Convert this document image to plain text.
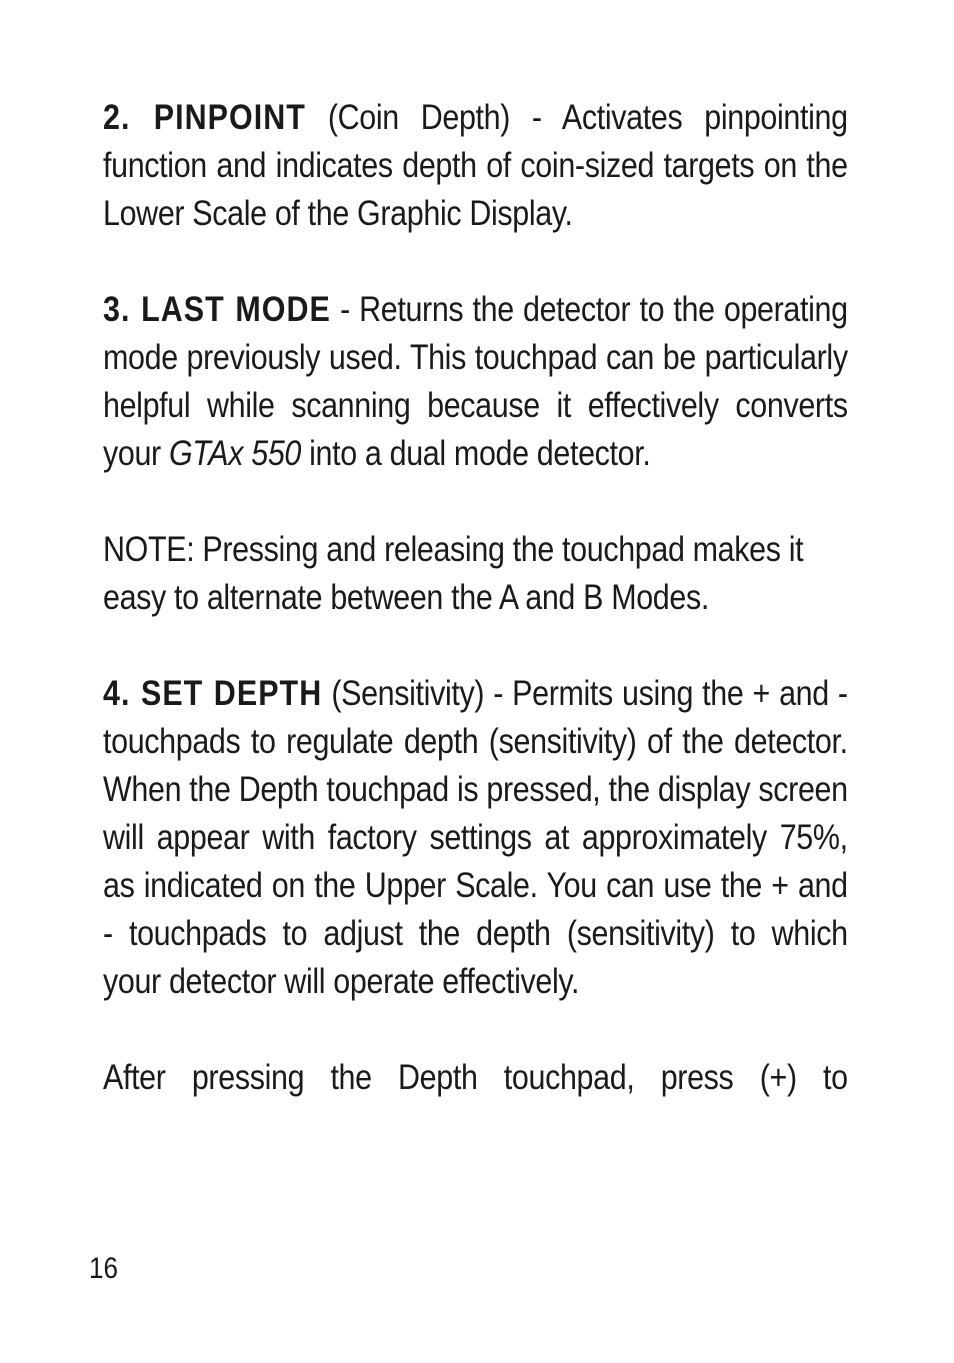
2. PINPOINT (Coin Depth) - Activates pinpointing function and indicates depth of coin-sized targets on the Lower Scale of the Graphic Display.

3. LAST MODE - Returns the detector to the operating mode previously used. This touchpad can be particularly helpful while scanning because it effectively converts your GTAx 550 into a dual mode detector.

NOTE: Pressing and releasing the touchpad makes it easy to alternate between the A and B Modes.

4. SET DEPTH (Sensitivity) - Permits using the + and - touchpads to regulate depth (sensitivity) of the detector. When the Depth touchpad is pressed, the display screen will appear with factory settings at approximately 75%, as indicated on the Upper Scale. You can use the + and - touchpads to adjust the depth (sensitivity) to which your detector will operate effectively.

After pressing the Depth touchpad, press (+) to

16
